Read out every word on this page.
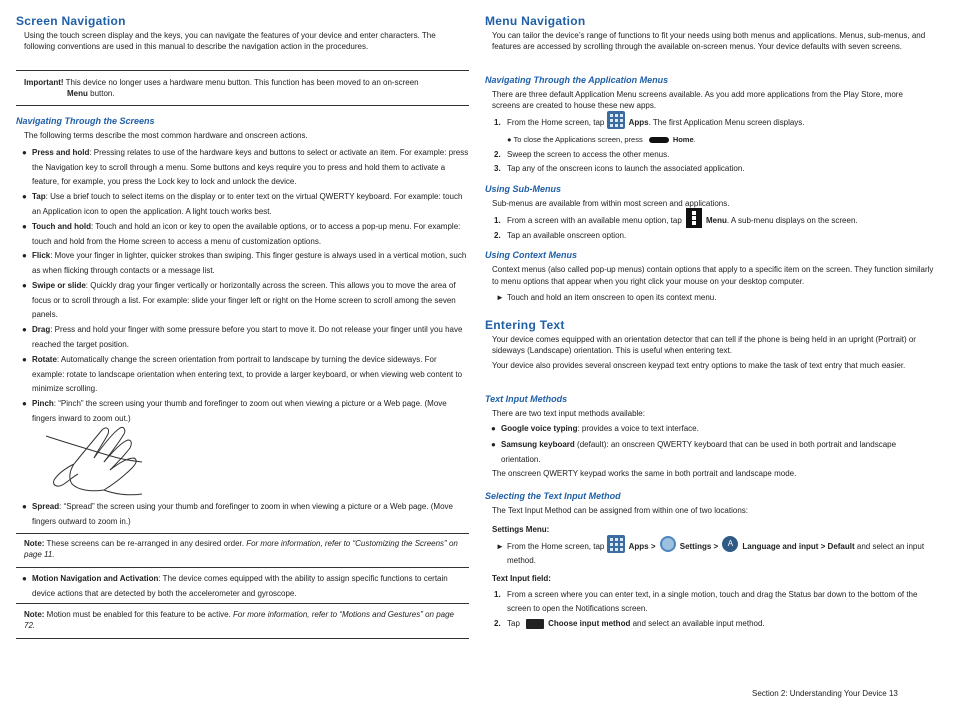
Screen Navigation

Using the touch screen display and the keys, you can navigate the features of your device and enter characters. The following conventions are used in this manual to describe the navigation action in the procedures.

Important! This device no longer uses a hardware menu button. This function has been moved to an on-screen
Menu button.

Navigating Through the Screens

The following terms describe the most common hardware and onscreen actions.

● Press and hold: Pressing relates to use of the hardware keys and buttons to select or activate an item. For example: press the Navigation key to scroll through a menu. Some buttons and keys require you to press and hold them to activate a feature, for example, you press the Lock key to lock and unlock the device.
● Tap: Use a brief touch to select items on the display or to enter text on the virtual QWERTY keyboard. For example: touch an Application icon to open the application. A light touch works best.
● Touch and hold: Touch and hold an icon or key to open the available options, or to access a pop-up menu. For example: touch and hold from the Home screen to access a menu of customization options.
● Flick: Move your finger in lighter, quicker strokes than swiping. This finger gesture is always used in a vertical motion, such as when flicking through contacts or a message list.
● Swipe or slide: Quickly drag your finger vertically or horizontally across the screen. This allows you to move the area of focus or to scroll through a list. For example: slide your finger left or right on the Home screen to scroll among the seven panels.
● Drag: Press and hold your finger with some pressure before you start to move it. Do not release your finger until you have reached the target position.
● Rotate: Automatically change the screen orientation from portrait to landscape by turning the device sideways. For example: rotate to landscape orientation when entering text, to provide a larger keyboard, or when viewing web content to minimize scrolling.
● Pinch: “Pinch” the screen using your thumb and forefinger to zoom out when viewing a picture or a Web page. (Move fingers inward to zoom out.)
● Spread: “Spread” the screen using your thumb and forefinger to zoom in when viewing a picture or a Web page. (Move fingers outward to zoom in.)

Note: These screens can be re-arranged in any desired order. For more information, refer to “Customizing the Screens” on page 11.

● Motion Navigation and Activation: The device comes equipped with the ability to assign specific functions to certain device actions that are detected by both the accelerometer and gyroscope.

Note: Motion must be enabled for this feature to be active. For more information, refer to “Motions and Gestures” on page 72.

Menu Navigation

You can tailor the device’s range of functions to fit your needs using both menus and applications. Menus, sub-menus, and features are accessed by scrolling through the available on-screen menus. Your device defaults with seven screens.

Navigating Through the Application Menus

There are three default Application Menu screens available. As you add more applications from the Play Store, more screens are created to house these new apps.

1. From the Home screen, tap	Apps. The first Application Menu screen displays.
● To close the Applications screen, press	Home.
2. Sweep the screen to access the other menus.
3. Tap any of the onscreen icons to launch the associated application.
Using Sub-Menus

Sub-menus are available from within most screen and applications.

1. From a screen with an available menu option, tap	Menu. A sub-menu displays on the screen.
2. Tap an available onscreen option.
Using Context Menus

Context menus (also called pop-up menus) contain options that apply to a specific item on the screen. They function similarly to menu options that appear when you right click your mouse on your desktop computer.

► Touch and hold an item onscreen to open its context menu.
Entering Text

Your device comes equipped with an orientation detector that can tell if the phone is being held in an upright (Portrait) or sideways (Landscape) orientation. This is useful when entering text.

Your device also provides several onscreen keypad text entry options to make the task of text entry that much easier.

Text Input Methods

There are two text input methods available:

● Google voice typing: provides a voice to text interface.
● Samsung keyboard (default): an onscreen QWERTY keyboard that can be used in both portrait and landscape orientation.

The onscreen QWERTY keypad works the same in both portrait and landscape mode.

Selecting the Text Input Method

The Text Input Method can be assigned from within one of two locations:

Settings Menu:

► From the Home screen, tap	Apps >	Settings > A Language and input > Default and select an input method.

Text Input field:

1. From a screen where you can enter text, in a single motion, touch and drag the Status bar down to the bottom of the screen to open the Notifications screen.
2. Tap	Choose input method and select an available input method.
Section 2: Understanding Your Device 13
